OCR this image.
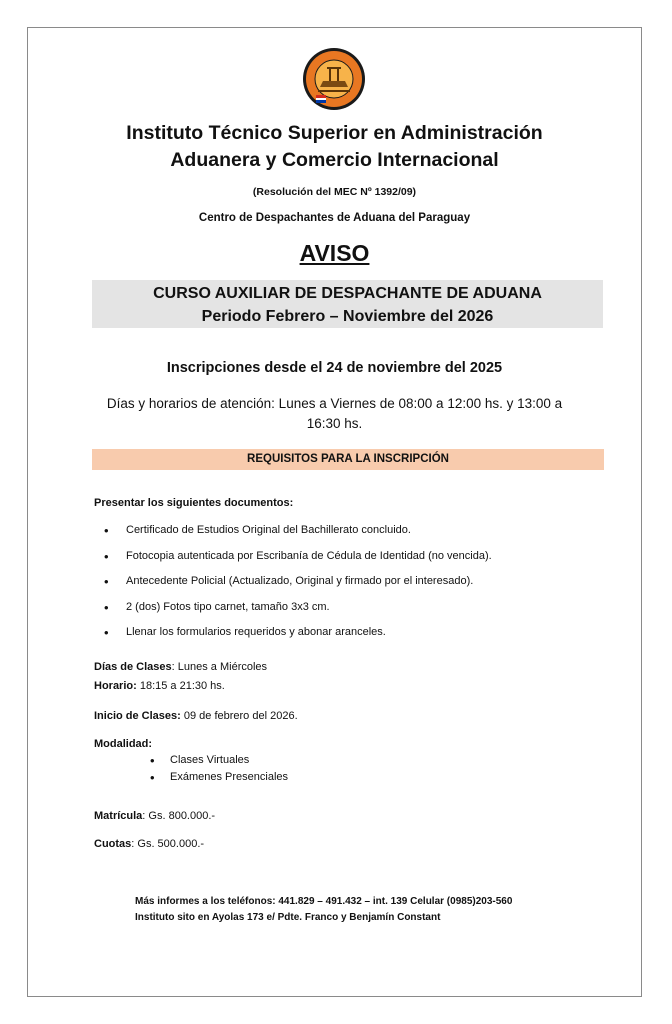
Instituto Técnico Superior en Administración
Aduanera y Comercio Internacional
(Resolución del MEC Nº 1392/09)
Centro de Despachantes de Aduana del Paraguay
AVISO
CURSO AUXILIAR DE DESPACHANTE DE ADUANA
Periodo Febrero – Noviembre del 2026
Inscripciones desde el 24 de noviembre del 2025
Días y horarios de atención: Lunes a Viernes de 08:00 a 12:00 hs. y 13:00 a
16:30 hs.
REQUISITOS PARA LA INSCRIPCIÓN
Presentar los siguientes documentos:
• Certificado de Estudios Original del Bachillerato concluido.
• Fotocopia autenticada por Escribanía de Cédula de Identidad (no vencida).
• Antecedente Policial (Actualizado, Original y firmado por el interesado).
• 2 (dos) Fotos tipo carnet, tamaño 3x3 cm.
• Llenar los formularios requeridos y abonar aranceles.
Días de Clases: Lunes a Miércoles
Horario: 18:15 a 21:30 hs.
Inicio de Clases: 09 de febrero del 2026.
Modalidad:
• Clases Virtuales
• Exámenes Presenciales
Matrícula: Gs. 800.000.-
Cuotas: Gs. 500.000.-
Más informes a los teléfonos: 441.829 – 491.432 – int. 139 Celular (0985)203-560
Instituto sito en Ayolas 173 e/ Pdte. Franco y Benjamín Constant
